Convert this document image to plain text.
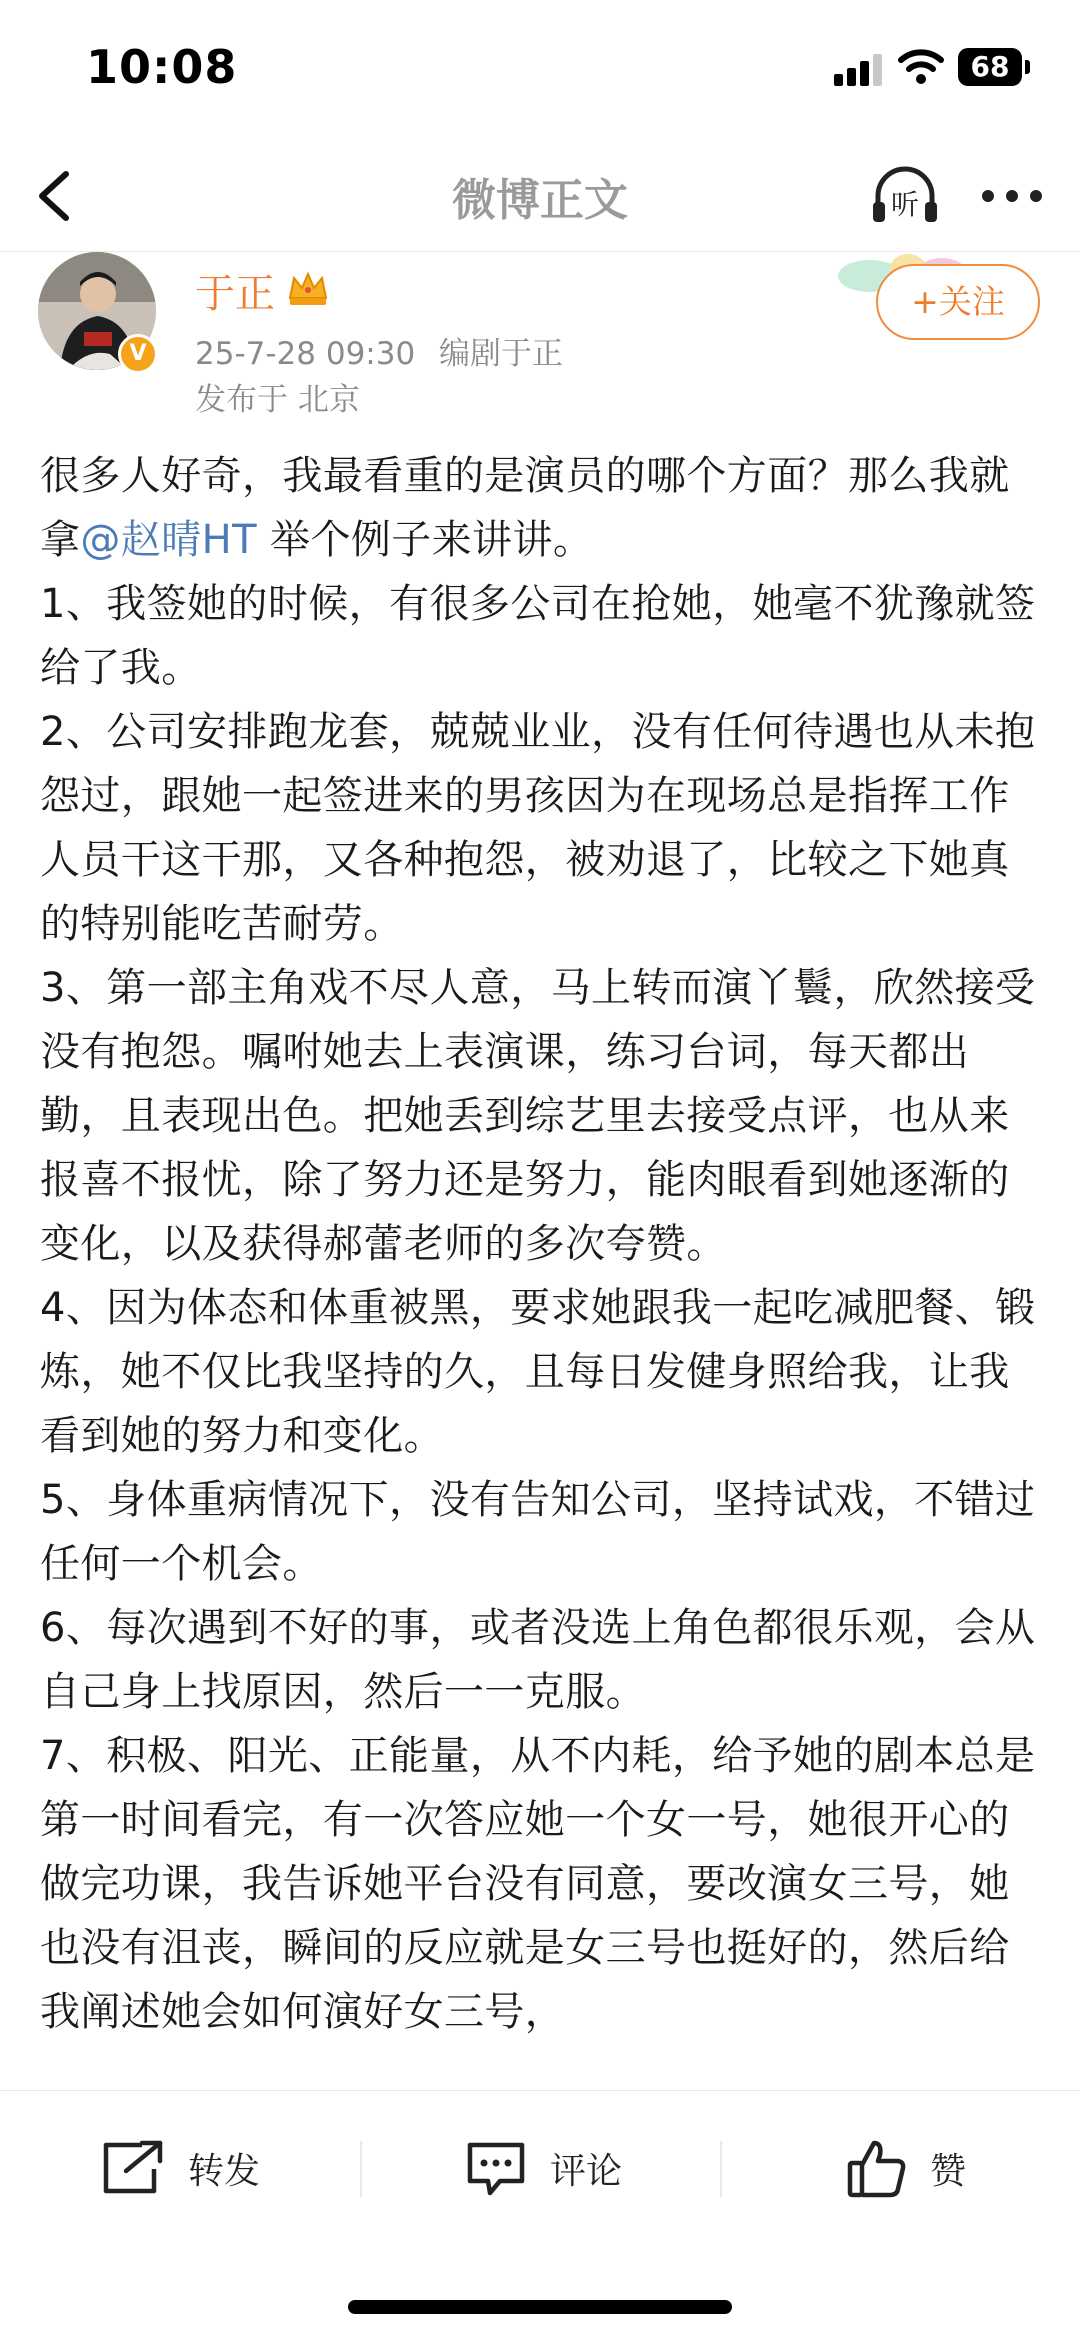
10:08	68
微博正文	听
V
于正
25-7-28 09:30 编剧于正
发布于 北京
+关注

很多人好奇，我最看重的是演员的哪个方面？那么我就拿@赵晴HT 举个例子来讲讲。

1、我签她的时候，有很多公司在抢她，她毫不犹豫就签给了我。

2、公司安排跑龙套，兢兢业业，没有任何待遇也从未抱怨过，跟她一起签进来的男孩因为在现场总是指挥工作人员干这干那，又各种抱怨，被劝退了，比较之下她真的特别能吃苦耐劳。

3、第一部主角戏不尽人意，马上转而演丫鬟，欣然接受没有抱怨。嘱咐她去上表演课，练习台词，每天都出勤，且表现出色。把她丢到综艺里去接受点评，也从来报喜不报忧，除了努力还是努力，能肉眼看到她逐渐的变化，以及获得郝蕾老师的多次夸赞。

4、因为体态和体重被黑，要求她跟我一起吃减肥餐、锻炼，她不仅比我坚持的久，且每日发健身照给我，让我看到她的努力和变化。

5、身体重病情况下，没有告知公司，坚持试戏，不错过任何一个机会。

6、每次遇到不好的事，或者没选上角色都很乐观，会从自己身上找原因，然后一一克服。

7、积极、阳光、正能量，从不内耗，给予她的剧本总是第一时间看完，有一次答应她一个女一号，她很开心的做完功课，我告诉她平台没有同意，要改演女三号，她也没有沮丧，瞬间的反应就是女三号也挺好的，然后给我阐述她会如何演好女三号，

转发	评论	赞
